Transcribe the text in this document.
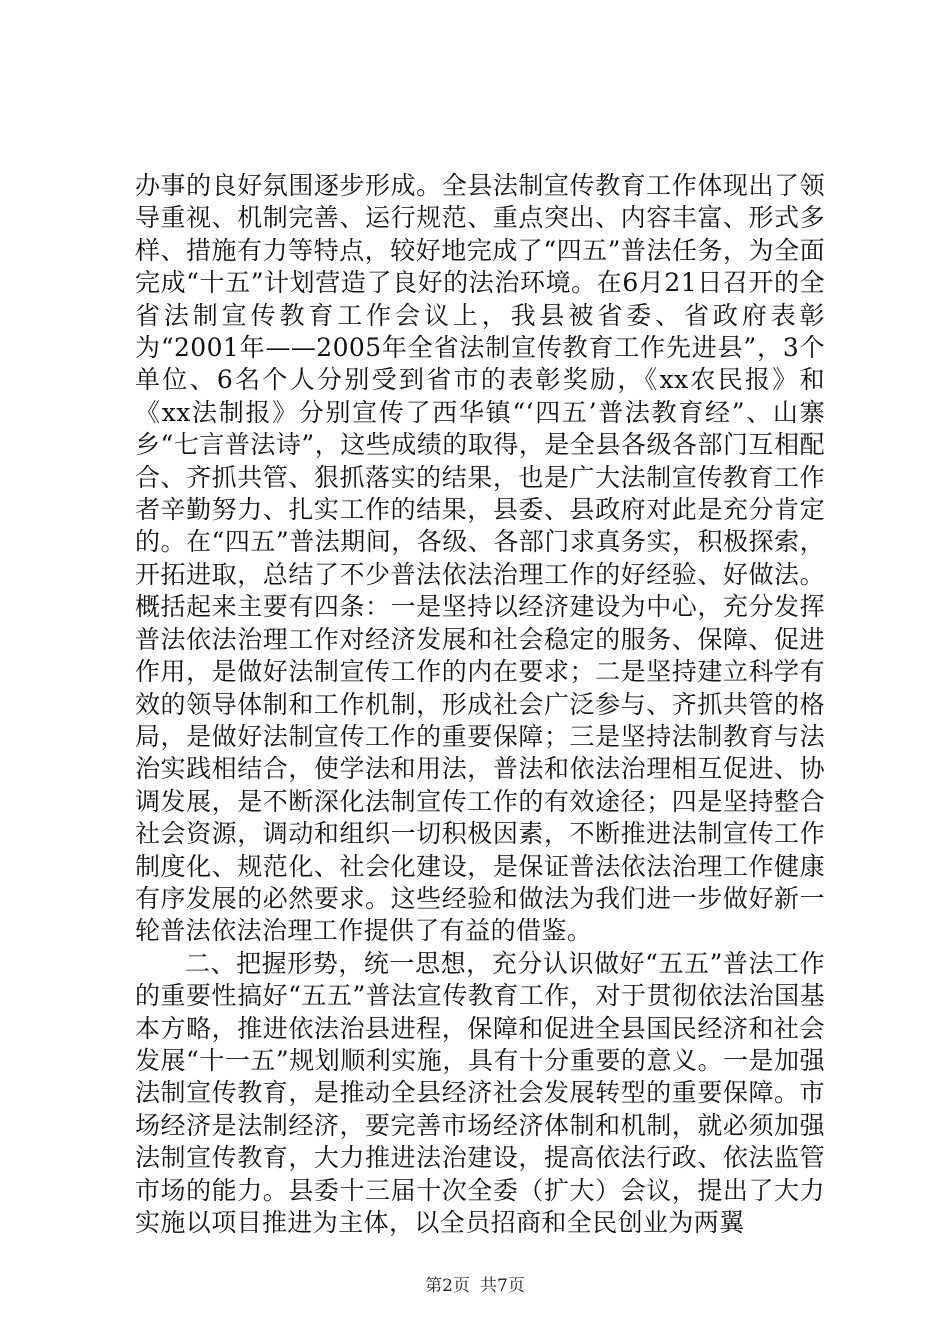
办事的良好氛围逐步形成。全县法制宣传教育工作体现出了领导重视、机制完善、运行规范、重点突出、内容丰富、形式多样、措施有力等特点，较好地完成了“四五”普法任务，为全面完成“十五”计划营造了良好的法治环境。在6月21日召开的全省法制宣传教育工作会议上，我县被省委、省政府表彰为“2001年——2005年全省法制宣传教育工作先进县”，3个单位、6名个人分别受到省市的表彰奖励，《xx农民报》和《xx法制报》分别宣传了西华镇“‘四五’普法教育经”、山寨乡“七言普法诗”，这些成绩的取得，是全县各级各部门互相配合、齐抓共管、狠抓落实的结果，也是广大法制宣传教育工作者辛勤努力、扎实工作的结果，县委、县政府对此是充分肯定的。在“四五”普法期间，各级、各部门求真务实，积极探索，开拓进取，总结了不少普法依法治理工作的好经验、好做法。概括起来主要有四条：一是坚持以经济建设为中心，充分发挥普法依法治理工作对经济发展和社会稳定的服务、保障、促进作用，是做好法制宣传工作的内在要求；二是坚持建立科学有效的领导体制和工作机制，形成社会广泛参与、齐抓共管的格局，是做好法制宣传工作的重要保障；三是坚持法制教育与法治实践相结合，使学法和用法，普法和依法治理相互促进、协调发展，是不断深化法制宣传工作的有效途径；四是坚持整合社会资源，调动和组织一切积极因素，不断推进法制宣传工作制度化、规范化、社会化建设，是保证普法依法治理工作健康有序发展的必然要求。这些经验和做法为我们进一步做好新一轮普法依法治理工作提供了有益的借鉴。

二、把握形势，统一思想，充分认识做好“五五”普法工作的重要性搞好“五五”普法宣传教育工作，对于贯彻依法治国基本方略，推进依法治县进程，保障和促进全县国民经济和社会发展“十一五”规划顺利实施，具有十分重要的意义。一是加强法制宣传教育，是推动全县经济社会发展转型的重要保障。市场经济是法制经济，要完善市场经济体制和机制，就必须加强法制宣传教育，大力推进法治建设，提高依法行政、依法监管市场的能力。县委十三届十次全委（扩大）会议，提出了大力实施以项目推进为主体，以全员招商和全民创业为两翼

第2页 共7页
